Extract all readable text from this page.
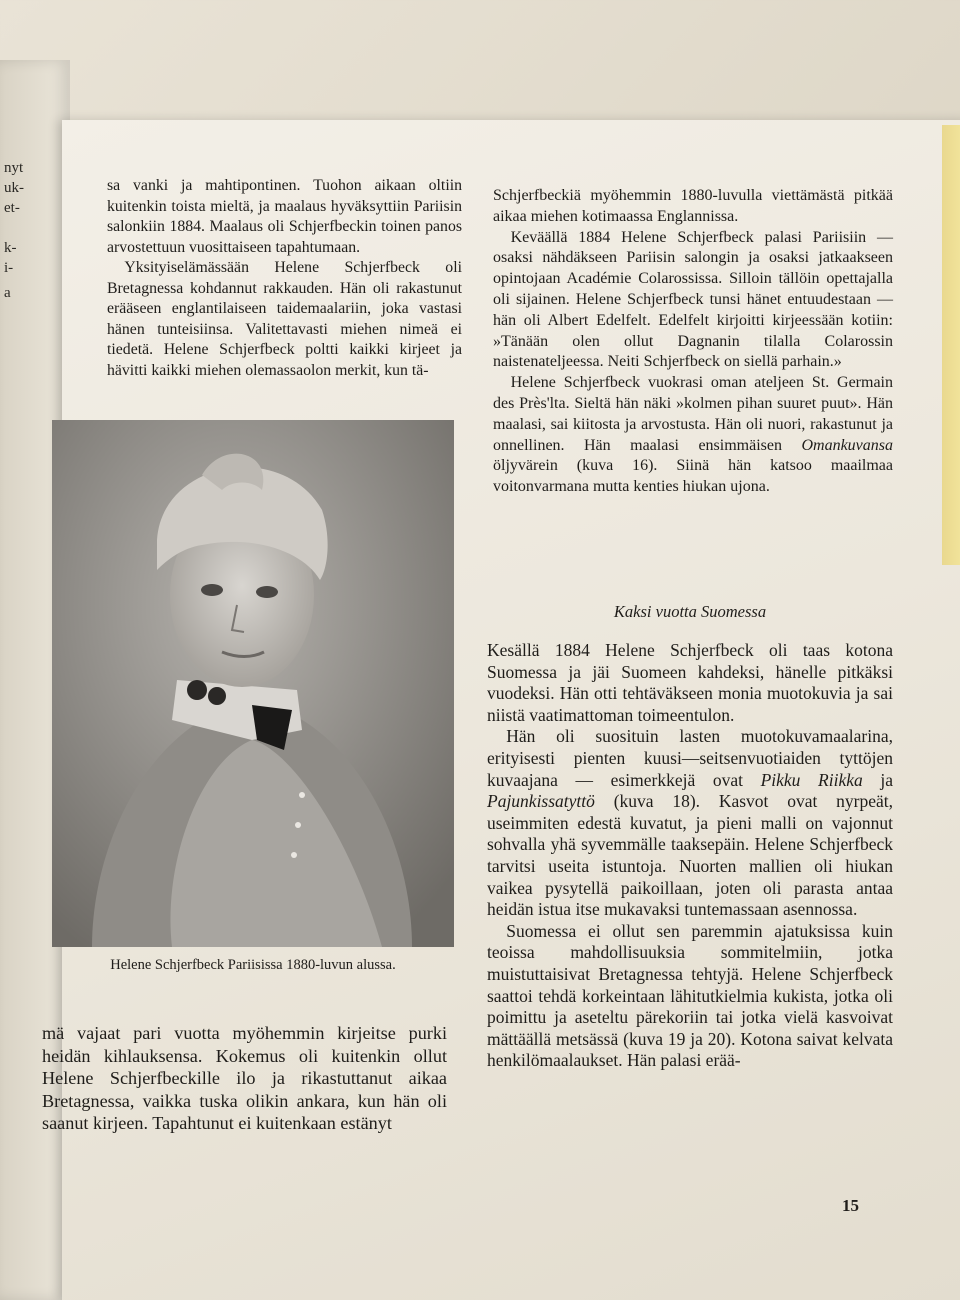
nyt
uk-
et-
k-
i-
a

sa vanki ja mahtipontinen. Tuohon aikaan oltiin kuitenkin toista mieltä, ja maalaus hyväksyttiin Pariisin salonkiin 1884. Maalaus oli Schjerfbeckin toinen panos arvostettuun vuosittaiseen tapahtumaan.

Yksityiselämässään Helene Schjerfbeck oli Bretagnessa kohdannut rakkauden. Hän oli rakastunut erääseen englantilaiseen taidemaalariin, joka vastasi hänen tunteisiinsa. Valitettavasti miehen nimeä ei tiedetä. Helene Schjerfbeck poltti kaikki kirjeet ja hävitti kaikki miehen olemassaolon merkit, kun tä-

Helene Schjerfbeck Pariisissa 1880-luvun alussa.

mä vajaat pari vuotta myöhemmin kirjeitse purki heidän kihlauksensa. Kokemus oli kuitenkin ollut Helene Schjerfbeckille ilo ja rikastuttanut aikaa Bretagnessa, vaikka tuska olikin ankara, kun hän oli saanut kirjeen. Tapahtunut ei kuitenkaan estänyt

Schjerfbeckiä myöhemmin 1880-luvulla viettämästä pitkää aikaa miehen kotimaassa Englannissa.

Keväällä 1884 Helene Schjerfbeck palasi Pariisiin — osaksi nähdäkseen Pariisin salongin ja osaksi jatkaakseen opintojaan Académie Colarossissa. Silloin tällöin opettajalla oli sijainen. Helene Schjerfbeck tunsi hänet entuudestaan — hän oli Albert Edelfelt. Edelfelt kirjoitti kirjeessään kotiin: »Tänään olen ollut Dagnanin tilalla Colarossin naistenateljeessa. Neiti Schjerfbeck on siellä parhain.»

Helene Schjerfbeck vuokrasi oman ateljeen St. Germain des Près'lta. Sieltä hän näki »kolmen pihan suuret puut». Hän maalasi, sai kiitosta ja arvostusta. Hän oli nuori, rakastunut ja onnellinen. Hän maalasi ensimmäisen Omankuvansa öljyvärein (kuva 16). Siinä hän katsoo maailmaa voitonvarmana mutta kenties hiukan ujona.

Kaksi vuotta Suomessa

Kesällä 1884 Helene Schjerfbeck oli taas kotona Suomessa ja jäi Suomeen kahdeksi, hänelle pitkäksi vuodeksi. Hän otti tehtäväkseen monia muotokuvia ja sai niistä vaatimattoman toimeentulon.

Hän oli suosituin lasten muotokuvamaalarina, erityisesti pienten kuusi—seitsenvuotiaiden tyttöjen kuvaajana — esimerkkejä ovat Pikku Riikka ja Pajunkissatyttö (kuva 18). Kasvot ovat nyrpeät, useimmiten edestä kuvatut, ja pieni malli on vajonnut sohvalla yhä syvemmälle taaksepäin. Helene Schjerfbeck tarvitsi useita istuntoja. Nuorten mallien oli hiukan vaikea pysytellä paikoillaan, joten oli parasta antaa heidän istua itse mukavaksi tuntemassaan asennossa.

Suomessa ei ollut sen paremmin ajatuksissa kuin teoissa mahdollisuuksia sommitelmiin, jotka muistuttaisivat Bretagnessa tehtyjä. Helene Schjerfbeck saattoi tehdä korkeintaan lähitutkielmia kukista, jotka oli poimittu ja aseteltu pärekoriin tai jotka vielä kasvoivat mättäällä metsässä (kuva 19 ja 20). Kotona saivat kelvata henkilömaalaukset. Hän palasi erää-

15
